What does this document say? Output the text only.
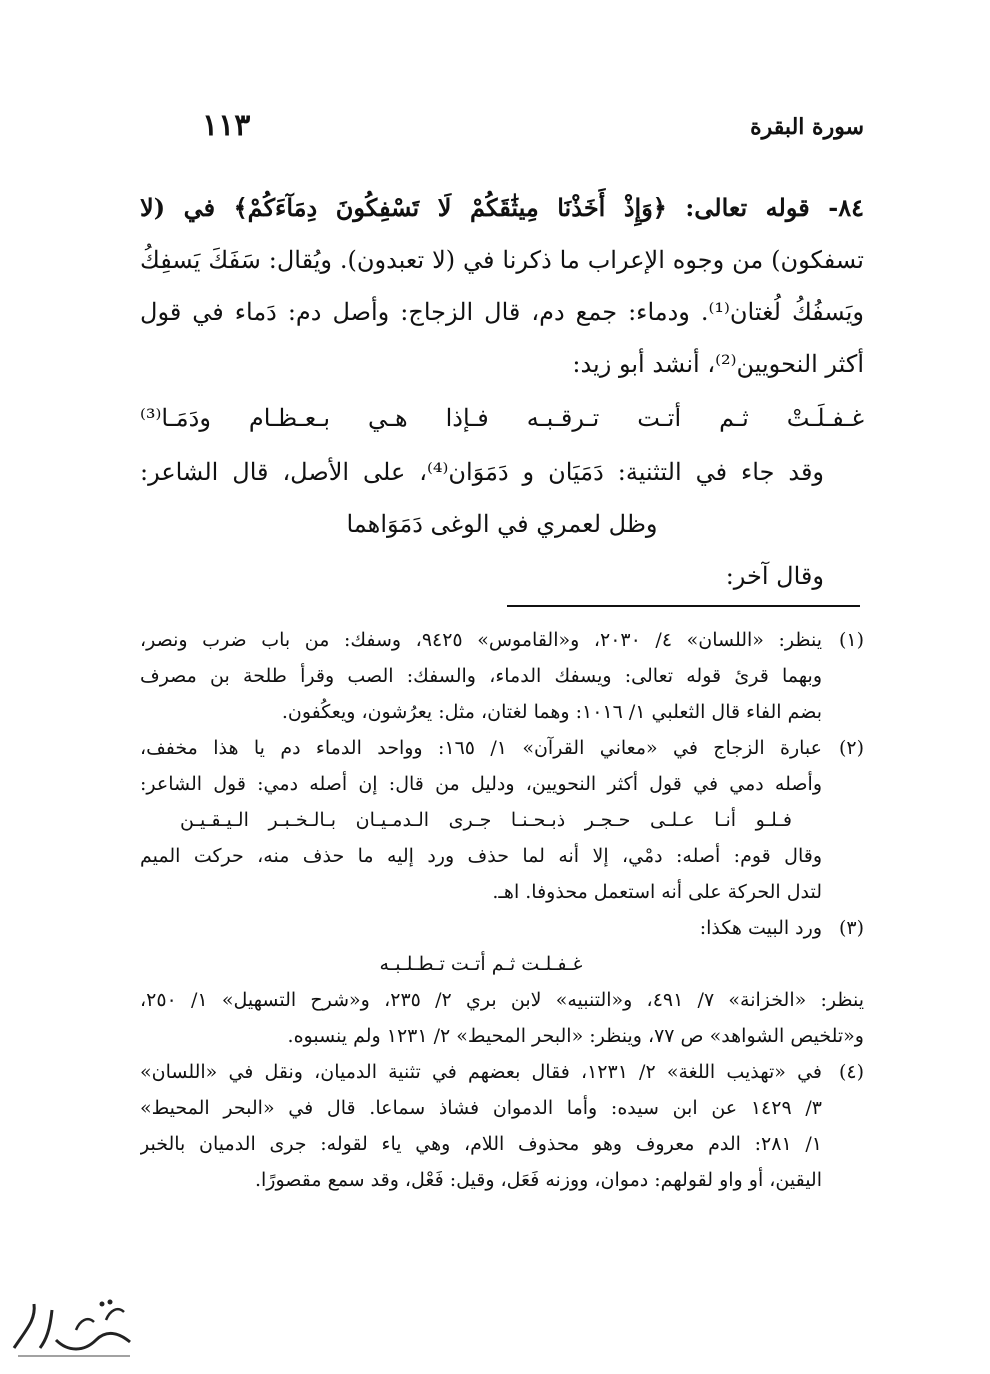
سورة البقرة
١١٣
٨٤- قوله تعالى: ﴿وَإِذْ أَخَذْنَا مِيثَٰقَكُمْ لَا تَسْفِكُونَ دِمَآءَكُمْ﴾ في (لا
تسفكون) من وجوه الإعراب ما ذكرنا في (لا تعبدون). ويُقال: سَفَكَ يَسفِكُ
ويَسفُكُ لُغتان⁽¹⁾. ودماء: جمع دم، قال الزجاج: وأصل دم: دَماء في قول
أكثر النحويين⁽²⁾، أنشد أبو زيد:
غـفـلَـتْ ثـم أتـت تـرقـبـه فـإذا هـي بـعـظـام ودَمَـا⁽³⁾
وقد جاء في التثنية: دَمَيَان و دَمَوَان⁽⁴⁾، على الأصل، قال الشاعر:
وظل لعمري في الوغى دَمَوَاهما
وقال آخر:
(١)
ينظر: «اللسان» ٤/ ٢٠٣٠، و«القاموس» ٩٤٢٥، وسفك: من باب ضرب ونصر،
وبهما قرئ قوله تعالى: ويسفك الدماء، والسفك: الصب وقرأ طلحة بن مصرف
بضم الفاء قال الثعلبي ١/ ١٠١٦: وهما لغتان، مثل: يعرُشون، ويعكُفون.
(٢)
عبارة الزجاج في «معاني القرآن» ١/ ١٦٥: وواحد الدماء دم يا هذا مخفف،
وأصله دمي في قول أكثر النحويين، ودليل من قال: إن أصله دمي: قول الشاعر:
فـلـو أنـا عـلـى حـجـر ذبـحـنـا جـرى الـدمـيـان بـالـخـبـر الـيـقـيـن
وقال قوم: أصله: دمْي، إلا أنه لما حذف ورد إليه ما حذف منه، حركت الميم
لتدل الحركة على أنه استعمل محذوفا. اهـ.
(٣)
ورد البيت هكذا:
غـفـلـت ثـم أتـت تـطـلـبـه
ينظر: «الخزانة» ٧/ ٤٩١، و«التنبيه» لابن بري ٢/ ٢٣٥، و«شرح التسهيل» ١/ ٢٥٠،
و«تلخيص الشواهد» ص ٧٧، وينظر: «البحر المحيط» ٢/ ١٢٣١ ولم ينسبوه.
(٤)
في «تهذيب اللغة» ٢/ ١٢٣١، فقال بعضهم في تثنية الدميان، ونقل في «اللسان»
٣/ ١٤٢٩ عن ابن سيده: وأما الدموان فشاذ سماعا. قال في «البحر المحيط»
١/ ٢٨١: الدم معروف وهو محذوف اللام، وهي ياء لقوله: جرى الدميان بالخبر
اليقين، أو واو لقولهم: دموان، ووزنه فَعَل، وقيل: فَعْل، وقد سمع مقصورًا.
